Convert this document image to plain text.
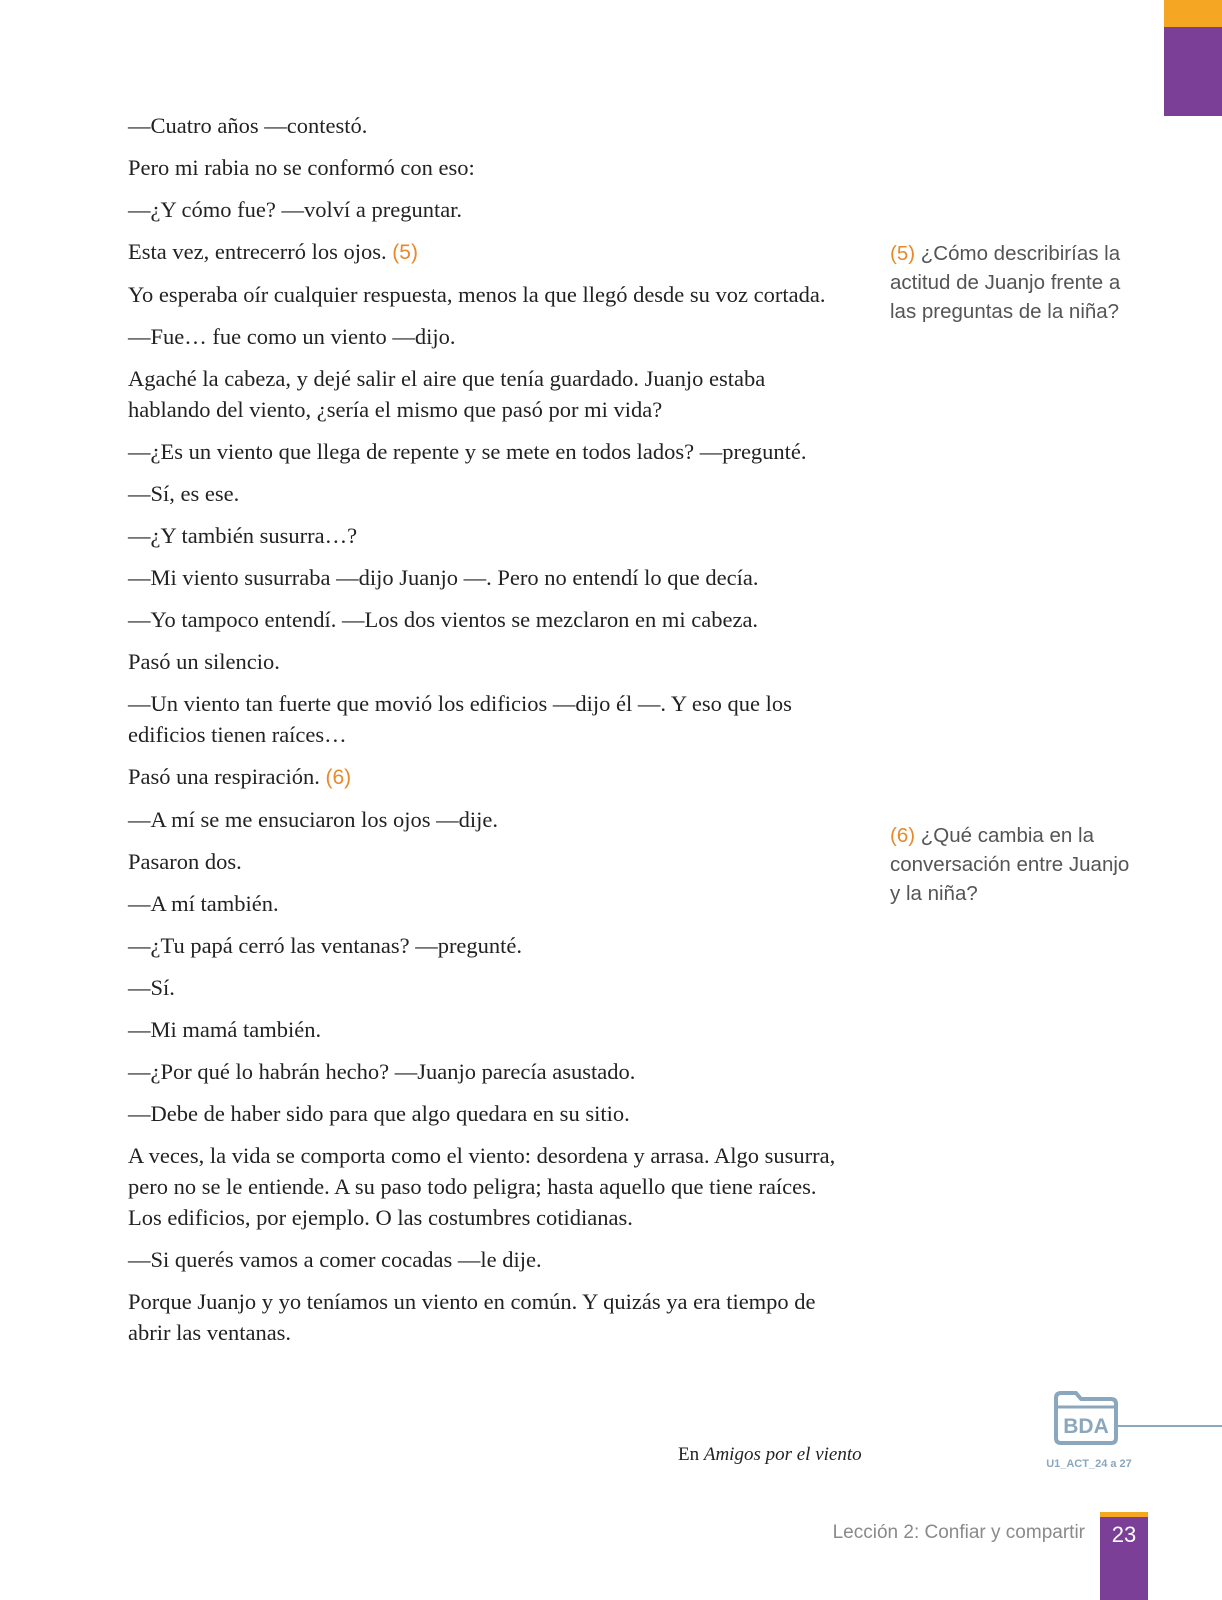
—Cuatro años —contestó.

Pero mi rabia no se conformó con eso:

—¿Y cómo fue? —volví a preguntar.

Esta vez, entrecerró los ojos. (5)

Yo esperaba oír cualquier respuesta, menos la que llegó desde su voz cortada.

—Fue… fue como un viento —dijo.

Agaché la cabeza, y dejé salir el aire que tenía guardado. Juanjo estaba hablando del viento, ¿sería el mismo que pasó por mi vida?

—¿Es un viento que llega de repente y se mete en todos lados? —pregunté.

—Sí, es ese.

—¿Y también susurra…?

—Mi viento susurraba —dijo Juanjo —. Pero no entendí lo que decía.

—Yo tampoco entendí. —Los dos vientos se mezclaron en mi cabeza.

Pasó un silencio.

—Un viento tan fuerte que movió los edificios —dijo él —. Y eso que los edificios tienen raíces…

Pasó una respiración. (6)

—A mí se me ensuciaron los ojos —dije.

Pasaron dos.

—A mí también.

—¿Tu papá cerró las ventanas? —pregunté.

—Sí.

—Mi mamá también.

—¿Por qué lo habrán hecho? —Juanjo parecía asustado.

—Debe de haber sido para que algo quedara en su sitio.

A veces, la vida se comporta como el viento: desordena y arrasa. Algo susurra, pero no se le entiende. A su paso todo peligra; hasta aquello que tiene raíces. Los edificios, por ejemplo. O las costumbres cotidianas.

—Si querés vamos a comer cocadas —le dije.

Porque Juanjo y yo teníamos un viento en común. Y quizás ya era tiempo de abrir las ventanas.

(5) ¿Cómo describirías la actitud de Juanjo frente a las preguntas de la niña?
(6) ¿Qué cambia en la conversación entre Juanjo y la niña?
En Amigos por el viento
BDA
U1_ACT_24 a 27
Lección 2: Confiar y compartir	23
